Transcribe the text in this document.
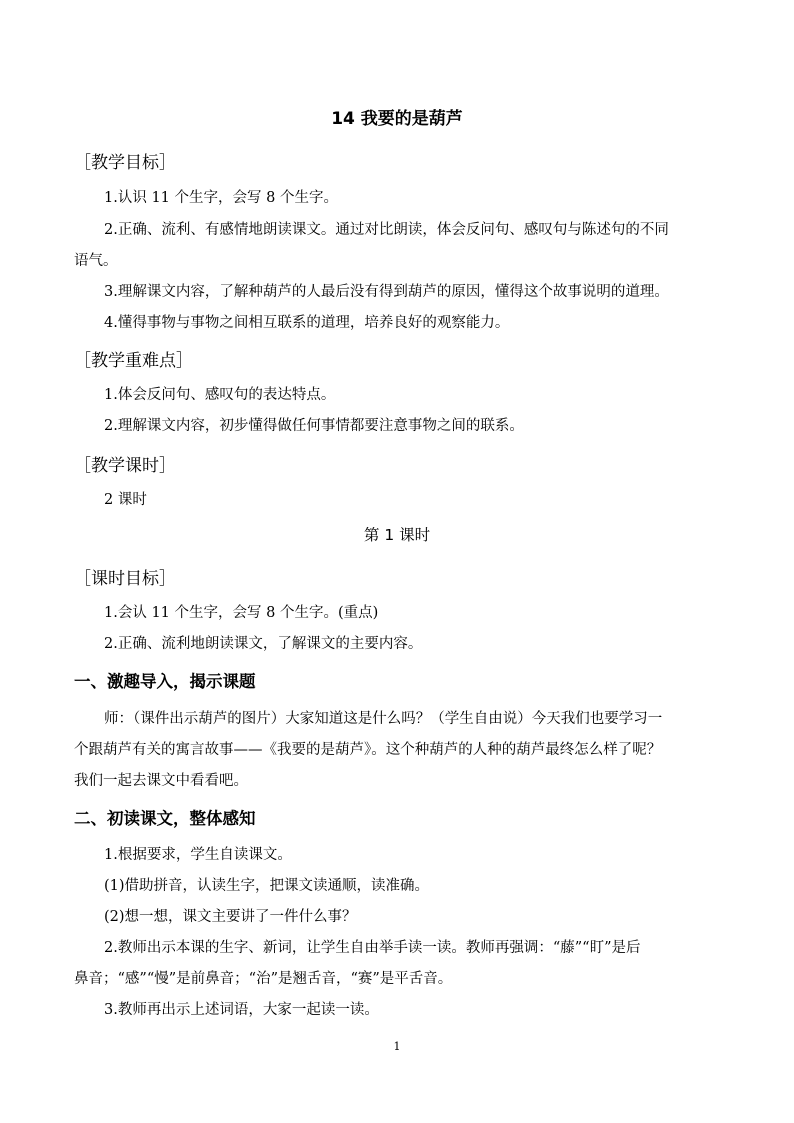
14 我要的是葫芦
［教学目标］
1.认识 11 个生字，会写 8 个生字。
2.正确、流利、有感情地朗读课文。通过对比朗读，体会反问句、感叹句与陈述句的不同
语气。
3.理解课文内容，了解种葫芦的人最后没有得到葫芦的原因，懂得这个故事说明的道理。
4.懂得事物与事物之间相互联系的道理，培养良好的观察能力。
［教学重难点］
1.体会反问句、感叹句的表达特点。
2.理解课文内容，初步懂得做任何事情都要注意事物之间的联系。
［教学课时］
2 课时
第 1 课时
［课时目标］
1.会认 11 个生字，会写 8 个生字。(重点)
2.正确、流利地朗读课文，了解课文的主要内容。
一、激趣导入，揭示课题
师：（课件出示葫芦的图片）大家知道这是什么吗？（学生自由说）今天我们也要学习一
个跟葫芦有关的寓言故事——《我要的是葫芦》。这个种葫芦的人种的葫芦最终怎么样了呢？
我们一起去课文中看看吧。
二、初读课文，整体感知
1.根据要求，学生自读课文。
(1)借助拼音，认读生字，把课文读通顺，读准确。
(2)想一想，课文主要讲了一件什么事？
2.教师出示本课的生字、新词，让学生自由举手读一读。教师再强调：“藤”“盯”是后
鼻音；“感”“慢”是前鼻音；“治”是翘舌音，“赛”是平舌音。
3.教师再出示上述词语，大家一起读一读。
1
